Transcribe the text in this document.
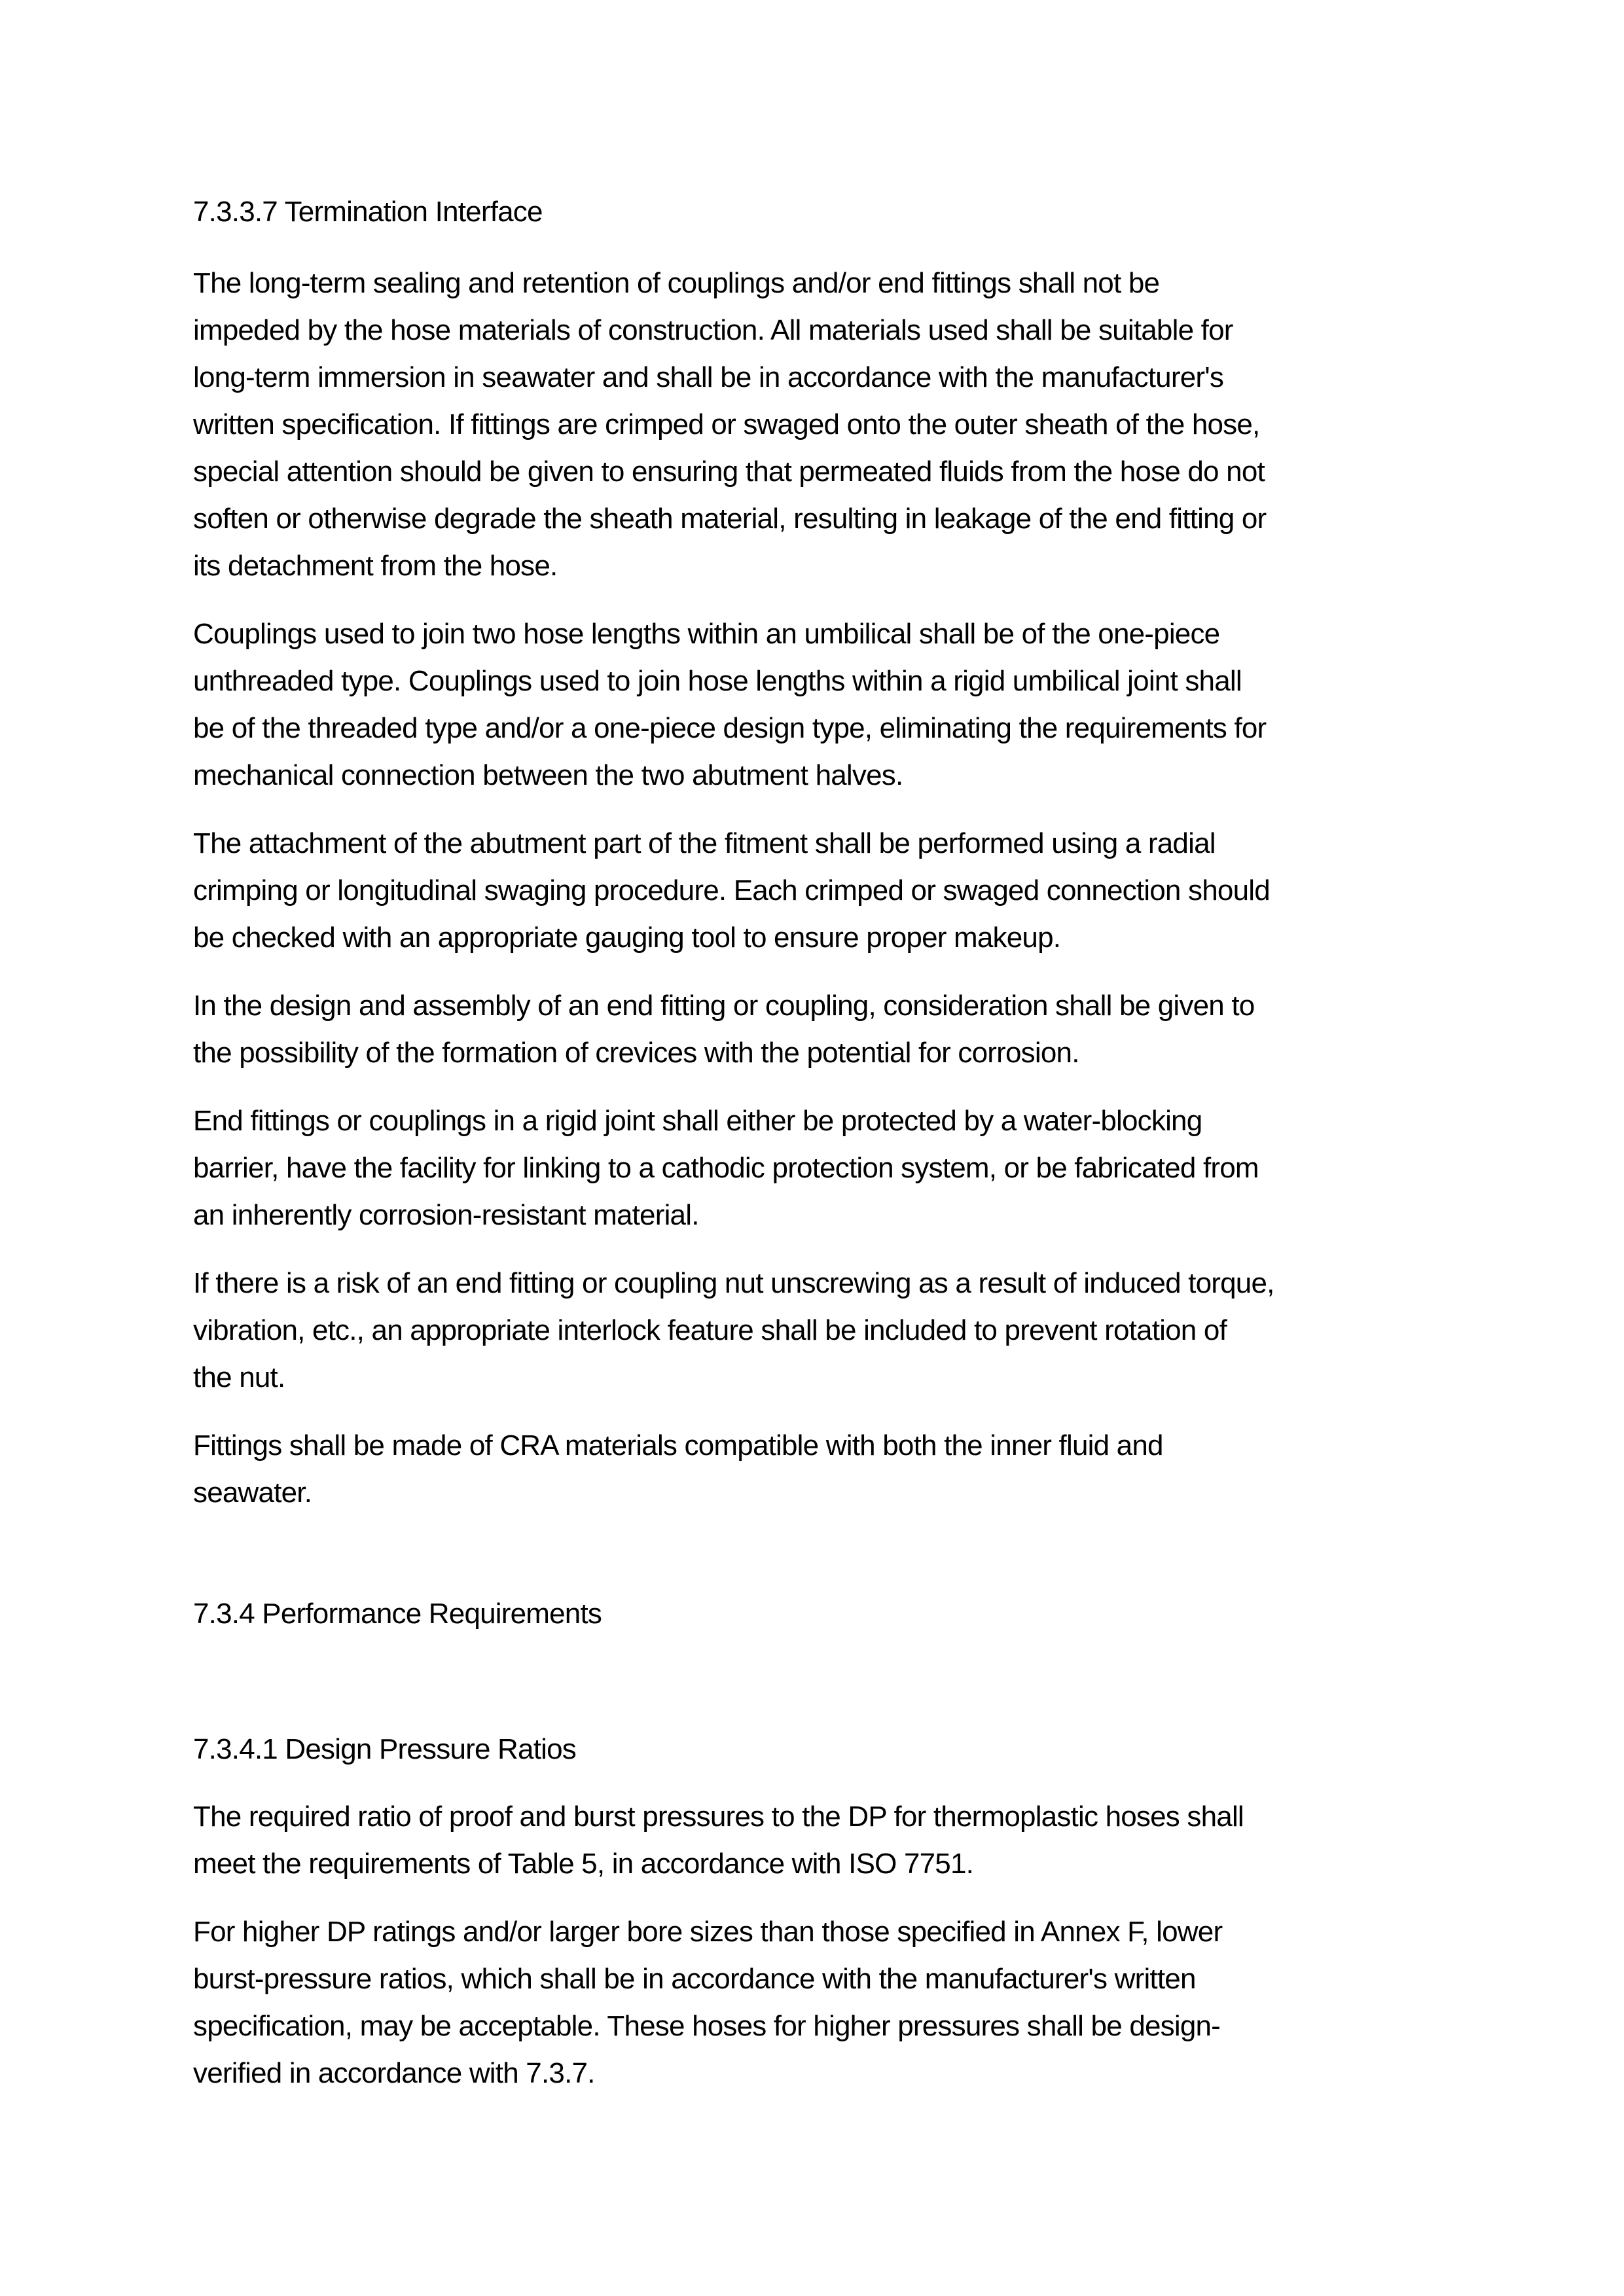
7.3.3.7 Termination Interface
The long-term sealing and retention of couplings and/or end fittings shall not be
impeded by the hose materials of construction. All materials used shall be suitable for
long-term immersion in seawater and shall be in accordance with the manufacturer's
written specification. If fittings are crimped or swaged onto the outer sheath of the hose,
special attention should be given to ensuring that permeated fluids from the hose do not
soften or otherwise degrade the sheath material, resulting in leakage of the end fitting or
its detachment from the hose.
Couplings used to join two hose lengths within an umbilical shall be of the one-piece
unthreaded type. Couplings used to join hose lengths within a rigid umbilical joint shall
be of the threaded type and/or a one-piece design type, eliminating the requirements for
mechanical connection between the two abutment halves.
The attachment of the abutment part of the fitment shall be performed using a radial
crimping or longitudinal swaging procedure. Each crimped or swaged connection should
be checked with an appropriate gauging tool to ensure proper makeup.
In the design and assembly of an end fitting or coupling, consideration shall be given to
the possibility of the formation of crevices with the potential for corrosion.
End fittings or couplings in a rigid joint shall either be protected by a water-blocking
barrier, have the facility for linking to a cathodic protection system, or be fabricated from
an inherently corrosion-resistant material.
If there is a risk of an end fitting or coupling nut unscrewing as a result of induced torque,
vibration, etc., an appropriate interlock feature shall be included to prevent rotation of
the nut.
Fittings shall be made of CRA materials compatible with both the inner fluid and
seawater.
7.3.4 Performance Requirements
7.3.4.1 Design Pressure Ratios
The required ratio of proof and burst pressures to the DP for thermoplastic hoses shall
meet the requirements of Table 5, in accordance with ISO 7751.
For higher DP ratings and/or larger bore sizes than those specified in Annex F, lower
burst-pressure ratios, which shall be in accordance with the manufacturer's written
specification, may be acceptable. These hoses for higher pressures shall be design-
verified in accordance with 7.3.7.
